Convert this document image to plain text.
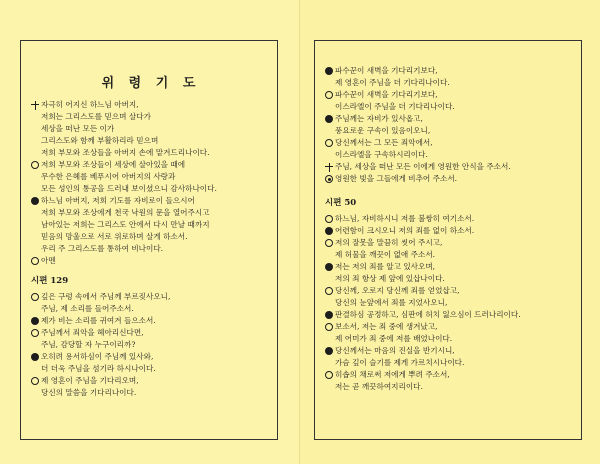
위 령 기 도
자극히 어지신 하느님 아버지,
저희는 그리스도를 믿으며 살다가
세상을 떠난 모든 이가
그리스도와 함께 부활하리라 믿으며
저희 부모와 조상들을 아버지 손에 맡겨드리나이다.
저희 부모와 조상들이 세상에 살아있을 때에
무수한 은혜를 베푸시어 아버지의 사랑과
모든 성인의 통공을 드러내 보이셨으니 감사하나이다.
하느님 아버지, 저희 기도를 자비로이 들으시어
저희 부모와 조상에게 천국 낙원의 문을 열어주시고
남아있는 저희는 그리스도 안에서 다시 만날 때까지
믿음의 망울으로 서로 위로하며 살게 하소서.
우리 주 그리스도를 통하여 비나이다.
아멘
시편 129
깊은 구렁 속에서 주님께 부르짖사오니,
주님, 제 소리를 들어주소서.
제가 비는 소리를 귀여겨 들으소서.
주님께서 죄악을 헤아리신다면,
주님, 감당할 자 누구이리까?
오히려 용서하심이 주님께 있사와,
더 더욱 주님을 섬기라 하시나이다.
제 영혼이 주님을 기다리오며,
당신의 말씀을 기다리나이다.
파수꾼이 새벽을 기다리기보다,
제 영혼이 주님을 더 기다리나이다.
파수꾼이 새벽을 기다리기보다,
이스라엘이 주님을 더 기다리나이다.
주님께는 자비가 있사옵고,
풍요로운 구속이 있음이오니,
당신께서는 그 모든 죄악에서,
이스라엘을 구속하시리이다.
주님, 세상을 떠난 모든 이에게 영원한 안식을 주소서.
영원한 빛을 그들에게 비추어 주소서.
시편 50
하느님, 자비하시니 저를 불쌍히 여기소서.
어련함이 크시오니 저의 죄를 없이 하소서.
저의 잘못을 말끔히 씻어 주시고,
제 허물을 깨끗이 없애 주소서.
저는 저의 죄를 알고 있사오며,
저의 죄 항상 제 앞에 있삽나이다.
당신께, 오로지 당신께 죄를 얻었삽고,
당신의 눈앞에서 죄를 지었사오니,
판결하심 공정하고, 심판에 허치 잃으심이 드러나리이다.
보소서, 저는 죄 중에 생겨났고,
제 어미가 죄 중에 저를 배었나이다.
당신께서는 마음의 진실을 반기시니,
가슴 깊이 슬기를 제게 가르치시나이다.
히솝의 채로써 저에게 뿌려 주소서,
저는 곧 깨끗하여지리이다.
